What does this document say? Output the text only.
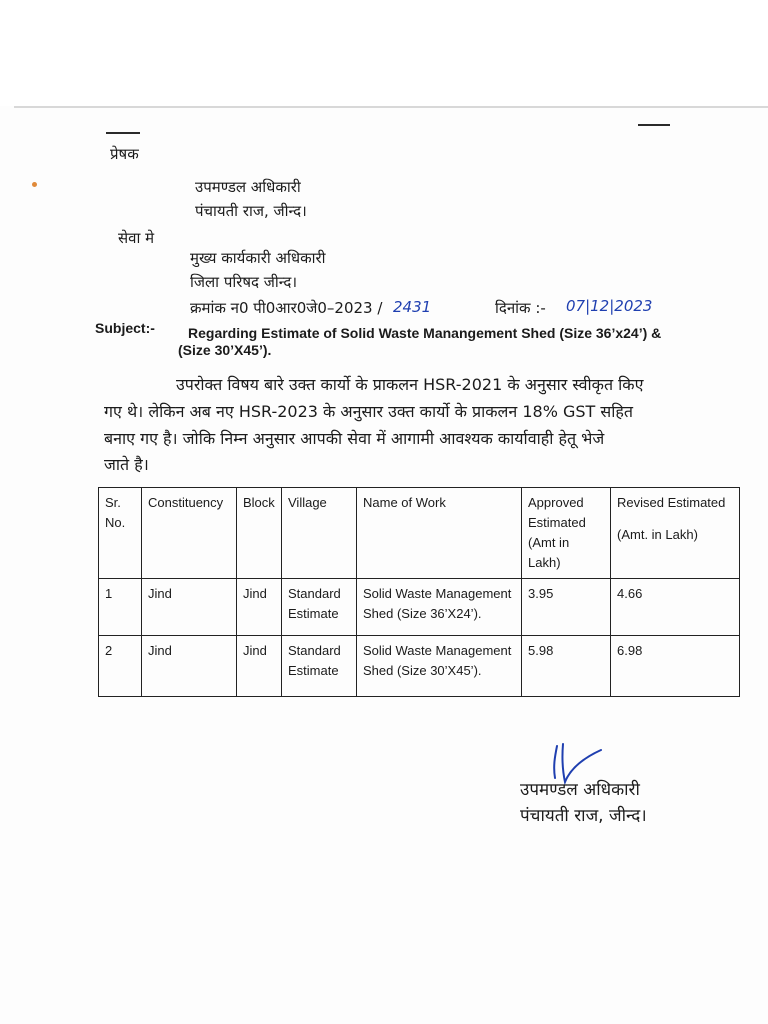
प्रेषक
उपमण्डल अधिकारी
पंचायती राज, जीन्द।
सेवा मे
मुख्य कार्यकारी अधिकारी
जिला परिषद जीन्द।
क्रमांक न0 पी0आर0जे0–2023 / 2431	दिनांक :- 07|12|2023
Subject:- Regarding Estimate of Solid Waste Manangement Shed (Size 36’x24’) &
(Size 30’X45’).
उपरोक्त विषय बारे उक्त कार्यो के प्राकलन HSR-2021 के अनुसार स्वीकृत किए
गए थे। लेकिन अब नए HSR-2023 के अनुसार उक्त कार्यो के प्राकलन 18% GST सहित
बनाए गए है। जोकि निम्न अनुसार आपकी सेवा में आगामी आवश्यक कार्यावाही हेतू भेजे
जाते है।
Sr. No.	Constituency	Block	Village	Name of Work	Approved Estimated (Amt in Lakh)	Revised Estimated
(Amt. in Lakh)

1	Jind	Jind	Standard Estimate	Solid Waste Management Shed (Size 36’X24’).	3.95	4.66
2	Jind	Jind	Standard Estimate	Solid Waste Management Shed (Size 30’X45’).	5.98	6.98
उपमण्डल अधिकारी
पंचायती राज, जीन्द।
